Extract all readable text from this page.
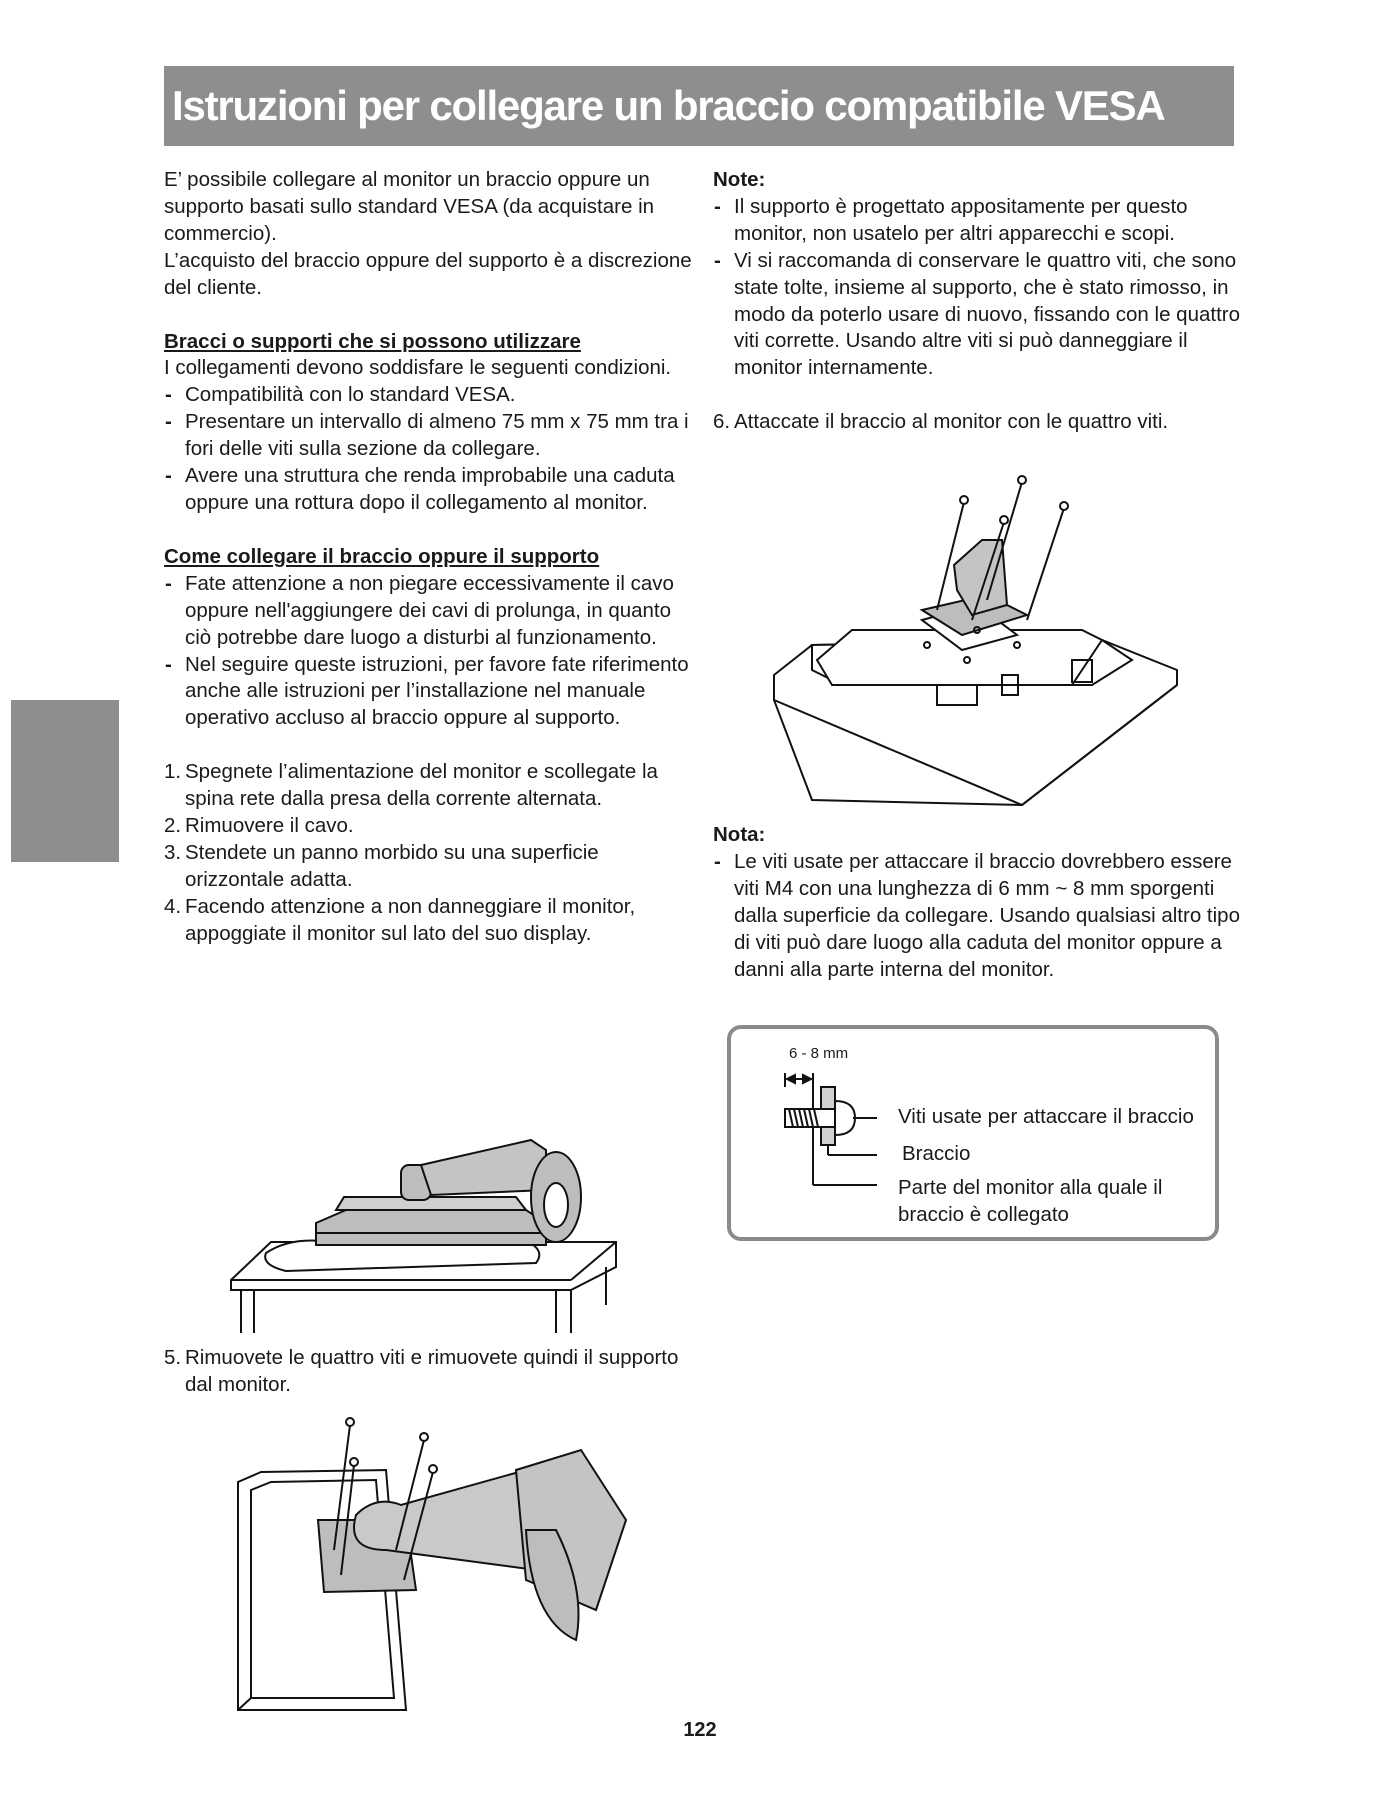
Istruzioni per collegare un braccio compatibile VESA

E’ possibile collegare al monitor un braccio oppure un supporto basati sullo standard VESA (da acquistare in commercio).

L’acquisto del braccio oppure del supporto è a discrezione del cliente.

Bracci o supporti che si possono utilizzare

I collegamenti devono soddisfare le seguenti condizioni.

- Compatibilità con lo standard VESA.
- Presentare un intervallo di almeno 75 mm x 75 mm tra i fori delle viti sulla sezione da collegare.
- Avere una struttura che renda improbabile una caduta oppure una rottura dopo il collegamento al monitor.

Come collegare il braccio oppure il supporto

- Fate attenzione a non piegare eccessivamente il cavo oppure nell'aggiungere dei cavi di prolunga, in quanto ciò potrebbe dare luogo a disturbi al funzionamento.
- Nel seguire queste istruzioni, per favore fate riferimento anche alle istruzioni per l’installazione nel manuale operativo accluso al braccio oppure al supporto.
1. Spegnete l’alimentazione del monitor e scollegate la spina rete dalla presa della corrente alternata.
2. Rimuovere il cavo.
3. Stendete un panno morbido su una superficie orizzontale adatta.
4. Facendo attenzione a non danneggiare il monitor, appoggiate il monitor sul lato del suo display.
5. Rimuovete le quattro viti e rimuovete quindi il supporto dal monitor.

Note:

- Il supporto è progettato appositamente per questo monitor, non usatelo per altri apparecchi e scopi.
- Vi si raccomanda di conservare le quattro viti, che sono state tolte, insieme al supporto, che è stato rimosso, in modo da poterlo usare di nuovo, fissando con le quattro viti corrette. Usando altre viti si può danneggiare il monitor internamente.
6. Attaccate il braccio al monitor con le quattro viti.

Nota:

- Le viti usate per attaccare il braccio dovrebbero essere viti M4 con una lunghezza di 6 mm ~ 8 mm sporgenti dalla superficie da collegare. Usando qualsiasi altro tipo di viti può dare luogo alla caduta del monitor oppure a danni alla parte interna del monitor.
6 - 8 mm
Viti usate per attaccare il braccio
Braccio
Parte del monitor alla quale il braccio è collegato
122
